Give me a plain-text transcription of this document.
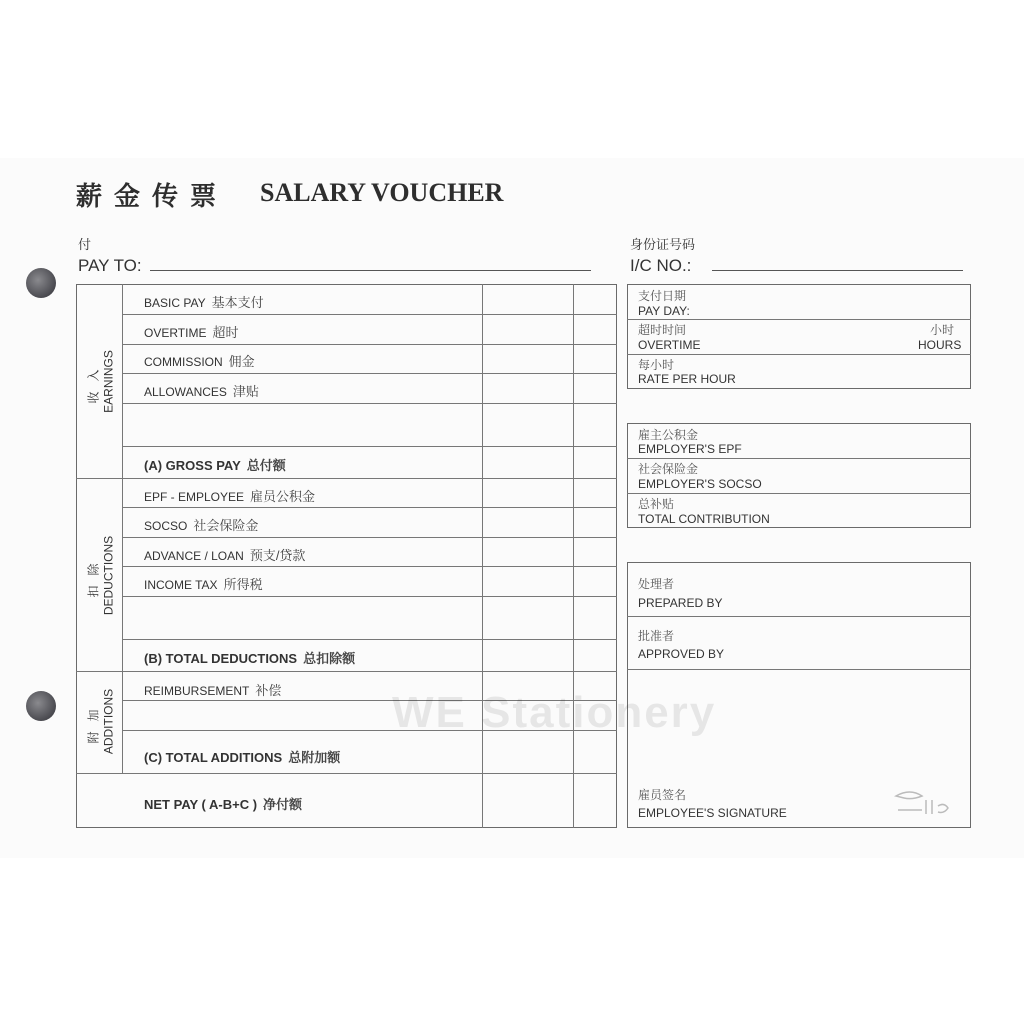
薪金传票 SALARY VOUCHER
付
PAY TO:
身份证号码
I/C NO.:
收入 EARNINGS
扣除 DEDUCTIONS
附加 ADDITIONS
BASIC PAY 基本支付
OVERTIME 超时
COMMISSION 佣金
ALLOWANCES 津贴
(A) GROSS PAY 总付额
EPF - EMPLOYEE 雇员公积金
SOCSO 社会保险金
ADVANCE / LOAN 预支/贷款
INCOME TAX 所得税
(B) TOTAL DEDUCTIONS 总扣除额
REIMBURSEMENT 补偿
(C) TOTAL ADDITIONS 总附加额
NET PAY ( A-B+C ) 净付额
支付日期
PAY DAY:
超时时间
OVERTIME
小时
HOURS
每小时
RATE PER HOUR
雇主公积金
EMPLOYER'S EPF
社会保险金
EMPLOYER'S SOCSO
总补贴
TOTAL CONTRIBUTION
处理者
PREPARED BY
批准者
APPROVED BY
雇员签名
EMPLOYEE'S SIGNATURE
WE Stationery
